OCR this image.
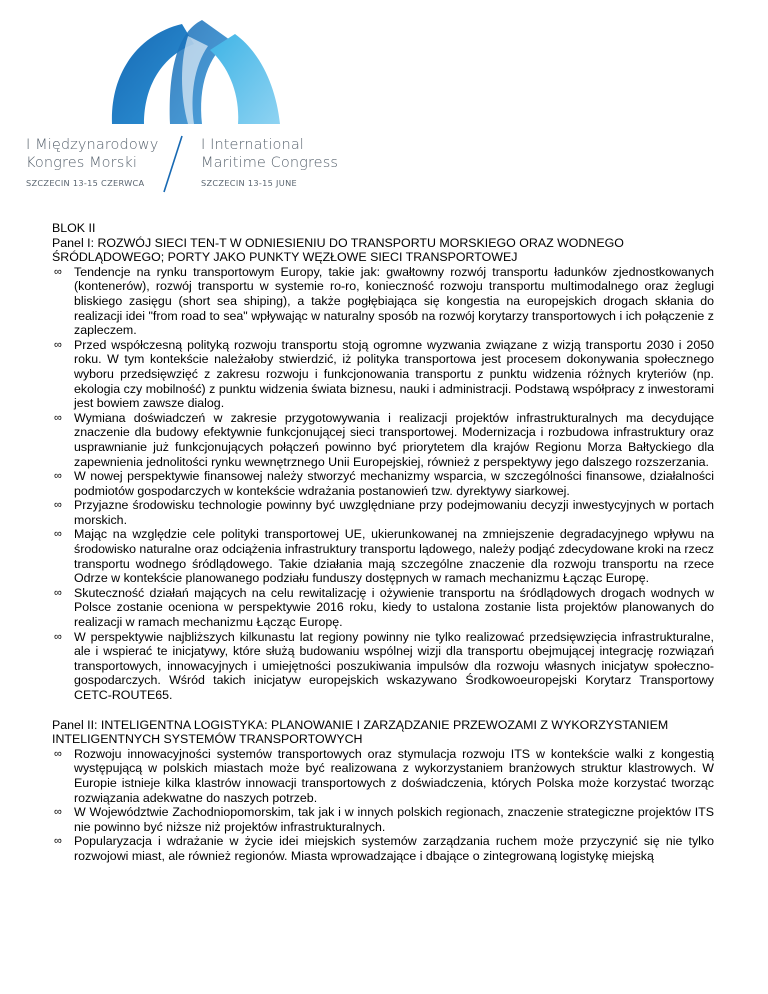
I Międzynarodowy
Kongres Morski
SZCZECIN 13-15 CZERWCA
I International
Maritime Congress
SZCZECIN 13-15 JUNE

BLOK II

Panel I: ROZWÓJ SIECI TEN-T W ODNIESIENIU DO TRANSPORTU MORSKIEGO ORAZ WODNEGO ŚRÓDLĄDOWEGO; PORTY JAKO PUNKTY WĘZŁOWE SIECI TRANSPORTOWEJ

∞ Tendencje na rynku transportowym Europy, takie jak: gwałtowny rozwój transportu ładunków zjednostkowanych (kontenerów), rozwój transportu w systemie ro-ro, konieczność rozwoju transportu multimodalnego oraz żeglugi bliskiego zasięgu (short sea shiping), a także pogłębiająca się kongestia na europejskich drogach skłania do realizacji idei "from road to sea" wpływając w naturalny sposób na rozwój korytarzy transportowych i ich połączenie z zapleczem.
∞ Przed współczesną polityką rozwoju transportu stoją ogromne wyzwania związane z wizją transportu 2030 i 2050 roku. W tym kontekście należałoby stwierdzić, iż polityka transportowa jest procesem dokonywania społecznego wyboru przedsięwzięć z zakresu rozwoju i funkcjonowania transportu z punktu widzenia różnych kryteriów (np. ekologia czy mobilność) z punktu widzenia świata biznesu, nauki i administracji. Podstawą współpracy z inwestorami jest bowiem zawsze dialog.
∞ Wymiana doświadczeń w zakresie przygotowywania i realizacji projektów infrastrukturalnych ma decydujące znaczenie dla budowy efektywnie funkcjonującej sieci transportowej. Modernizacja i rozbudowa infrastruktury oraz usprawnianie już funkcjonujących połączeń powinno być priorytetem dla krajów Regionu Morza Bałtyckiego dla zapewnienia jednolitości rynku wewnętrznego Unii Europejskiej, również z perspektywy jego dalszego rozszerzania.
∞ W nowej perspektywie finansowej należy stworzyć mechanizmy wsparcia, w szczególności finansowe, działalności podmiotów gospodarczych w kontekście wdrażania postanowień tzw. dyrektywy siarkowej.
∞ Przyjazne środowisku technologie powinny być uwzględniane przy podejmowaniu decyzji inwestycyjnych w portach morskich.
∞ Mając na względzie cele polityki transportowej UE, ukierunkowanej na zmniejszenie degradacyjnego wpływu na środowisko naturalne oraz odciążenia infrastruktury transportu lądowego, należy podjąć zdecydowane kroki na rzecz transportu wodnego śródlądowego. Takie działania mają szczególne znaczenie dla rozwoju transportu na rzece Odrze w kontekście planowanego podziału funduszy dostępnych w ramach mechanizmu Łącząc Europę.
∞ Skuteczność działań mających na celu rewitalizację i ożywienie transportu na śródlądowych drogach wodnych w Polsce zostanie oceniona w perspektywie 2016 roku, kiedy to ustalona zostanie lista projektów planowanych do realizacji w ramach mechanizmu Łącząc Europę.
∞ W perspektywie najbliższych kilkunastu lat regiony powinny nie tylko realizować przedsięwzięcia infrastrukturalne, ale i wspierać te inicjatywy, które służą budowaniu wspólnej wizji dla transportu obejmującej integrację rozwiązań transportowych, innowacyjnych i umiejętności poszukiwania impulsów dla rozwoju własnych inicjatyw społeczno-gospodarczych. Wśród takich inicjatyw europejskich wskazywano Środkowoeuropejski Korytarz Transportowy CETC-ROUTE65.

Panel II: INTELIGENTNA LOGISTYKA: PLANOWANIE I ZARZĄDZANIE PRZEWOZAMI Z WYKORZYSTANIEM INTELIGENTNYCH SYSTEMÓW TRANSPORTOWYCH

∞ Rozwoju innowacyjności systemów transportowych oraz stymulacja rozwoju ITS w kontekście walki z kongestią występującą w polskich miastach może być realizowana z wykorzystaniem branżowych struktur klastrowych. W Europie istnieje kilka klastrów innowacji transportowych z doświadczenia, których Polska może korzystać tworząc rozwiązania adekwatne do naszych potrzeb.
∞ W Województwie Zachodniopomorskim, tak jak i w innych polskich regionach, znaczenie strategiczne projektów ITS nie powinno być niższe niż projektów infrastrukturalnych.
∞ Popularyzacja i wdrażanie w życie idei miejskich systemów zarządzania ruchem może przyczynić się nie tylko rozwojowi miast, ale również regionów. Miasta wprowadzające i dbające o zintegrowaną logistykę miejską
